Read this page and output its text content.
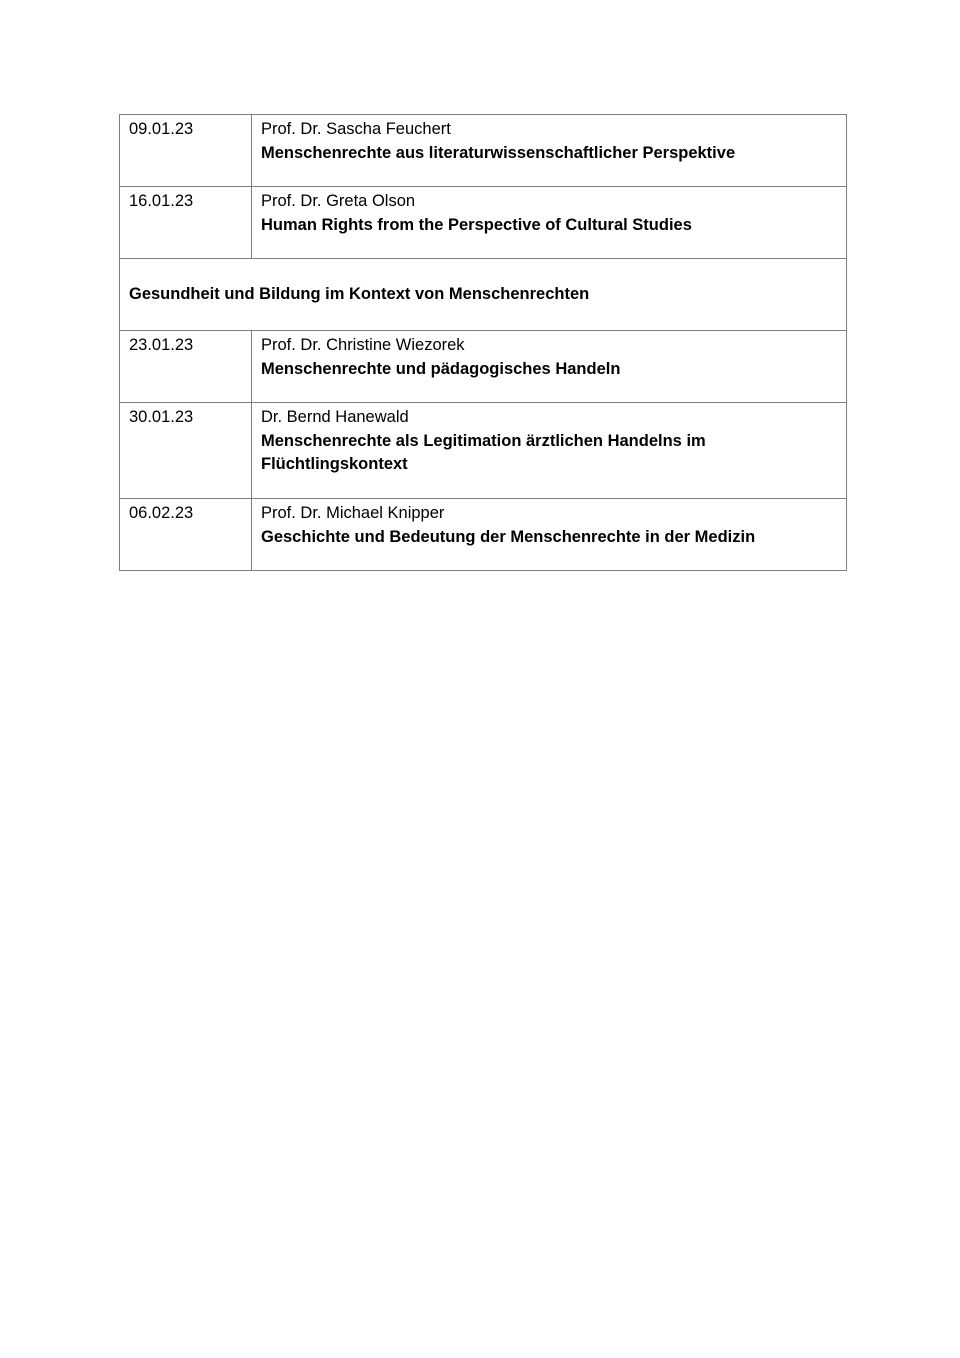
09.01.23	Prof. Dr. Sascha Feuchert
Menschenrechte aus literaturwissenschaftlicher Perspektive

16.01.23	Prof. Dr. Greta Olson
Human Rights from the Perspective of Cultural Studies

Gesundheit und Bildung im Kontext von Menschenrechten	
23.01.23	Prof. Dr. Christine Wiezorek
Menschenrechte und pädagogisches Handeln

30.01.23	Dr. Bernd Hanewald
Menschenrechte als Legitimation ärztlichen Handelns im Flüchtlingskontext

06.02.23	Prof. Dr. Michael Knipper
Geschichte und Bedeutung der Menschenrechte in der Medizin
